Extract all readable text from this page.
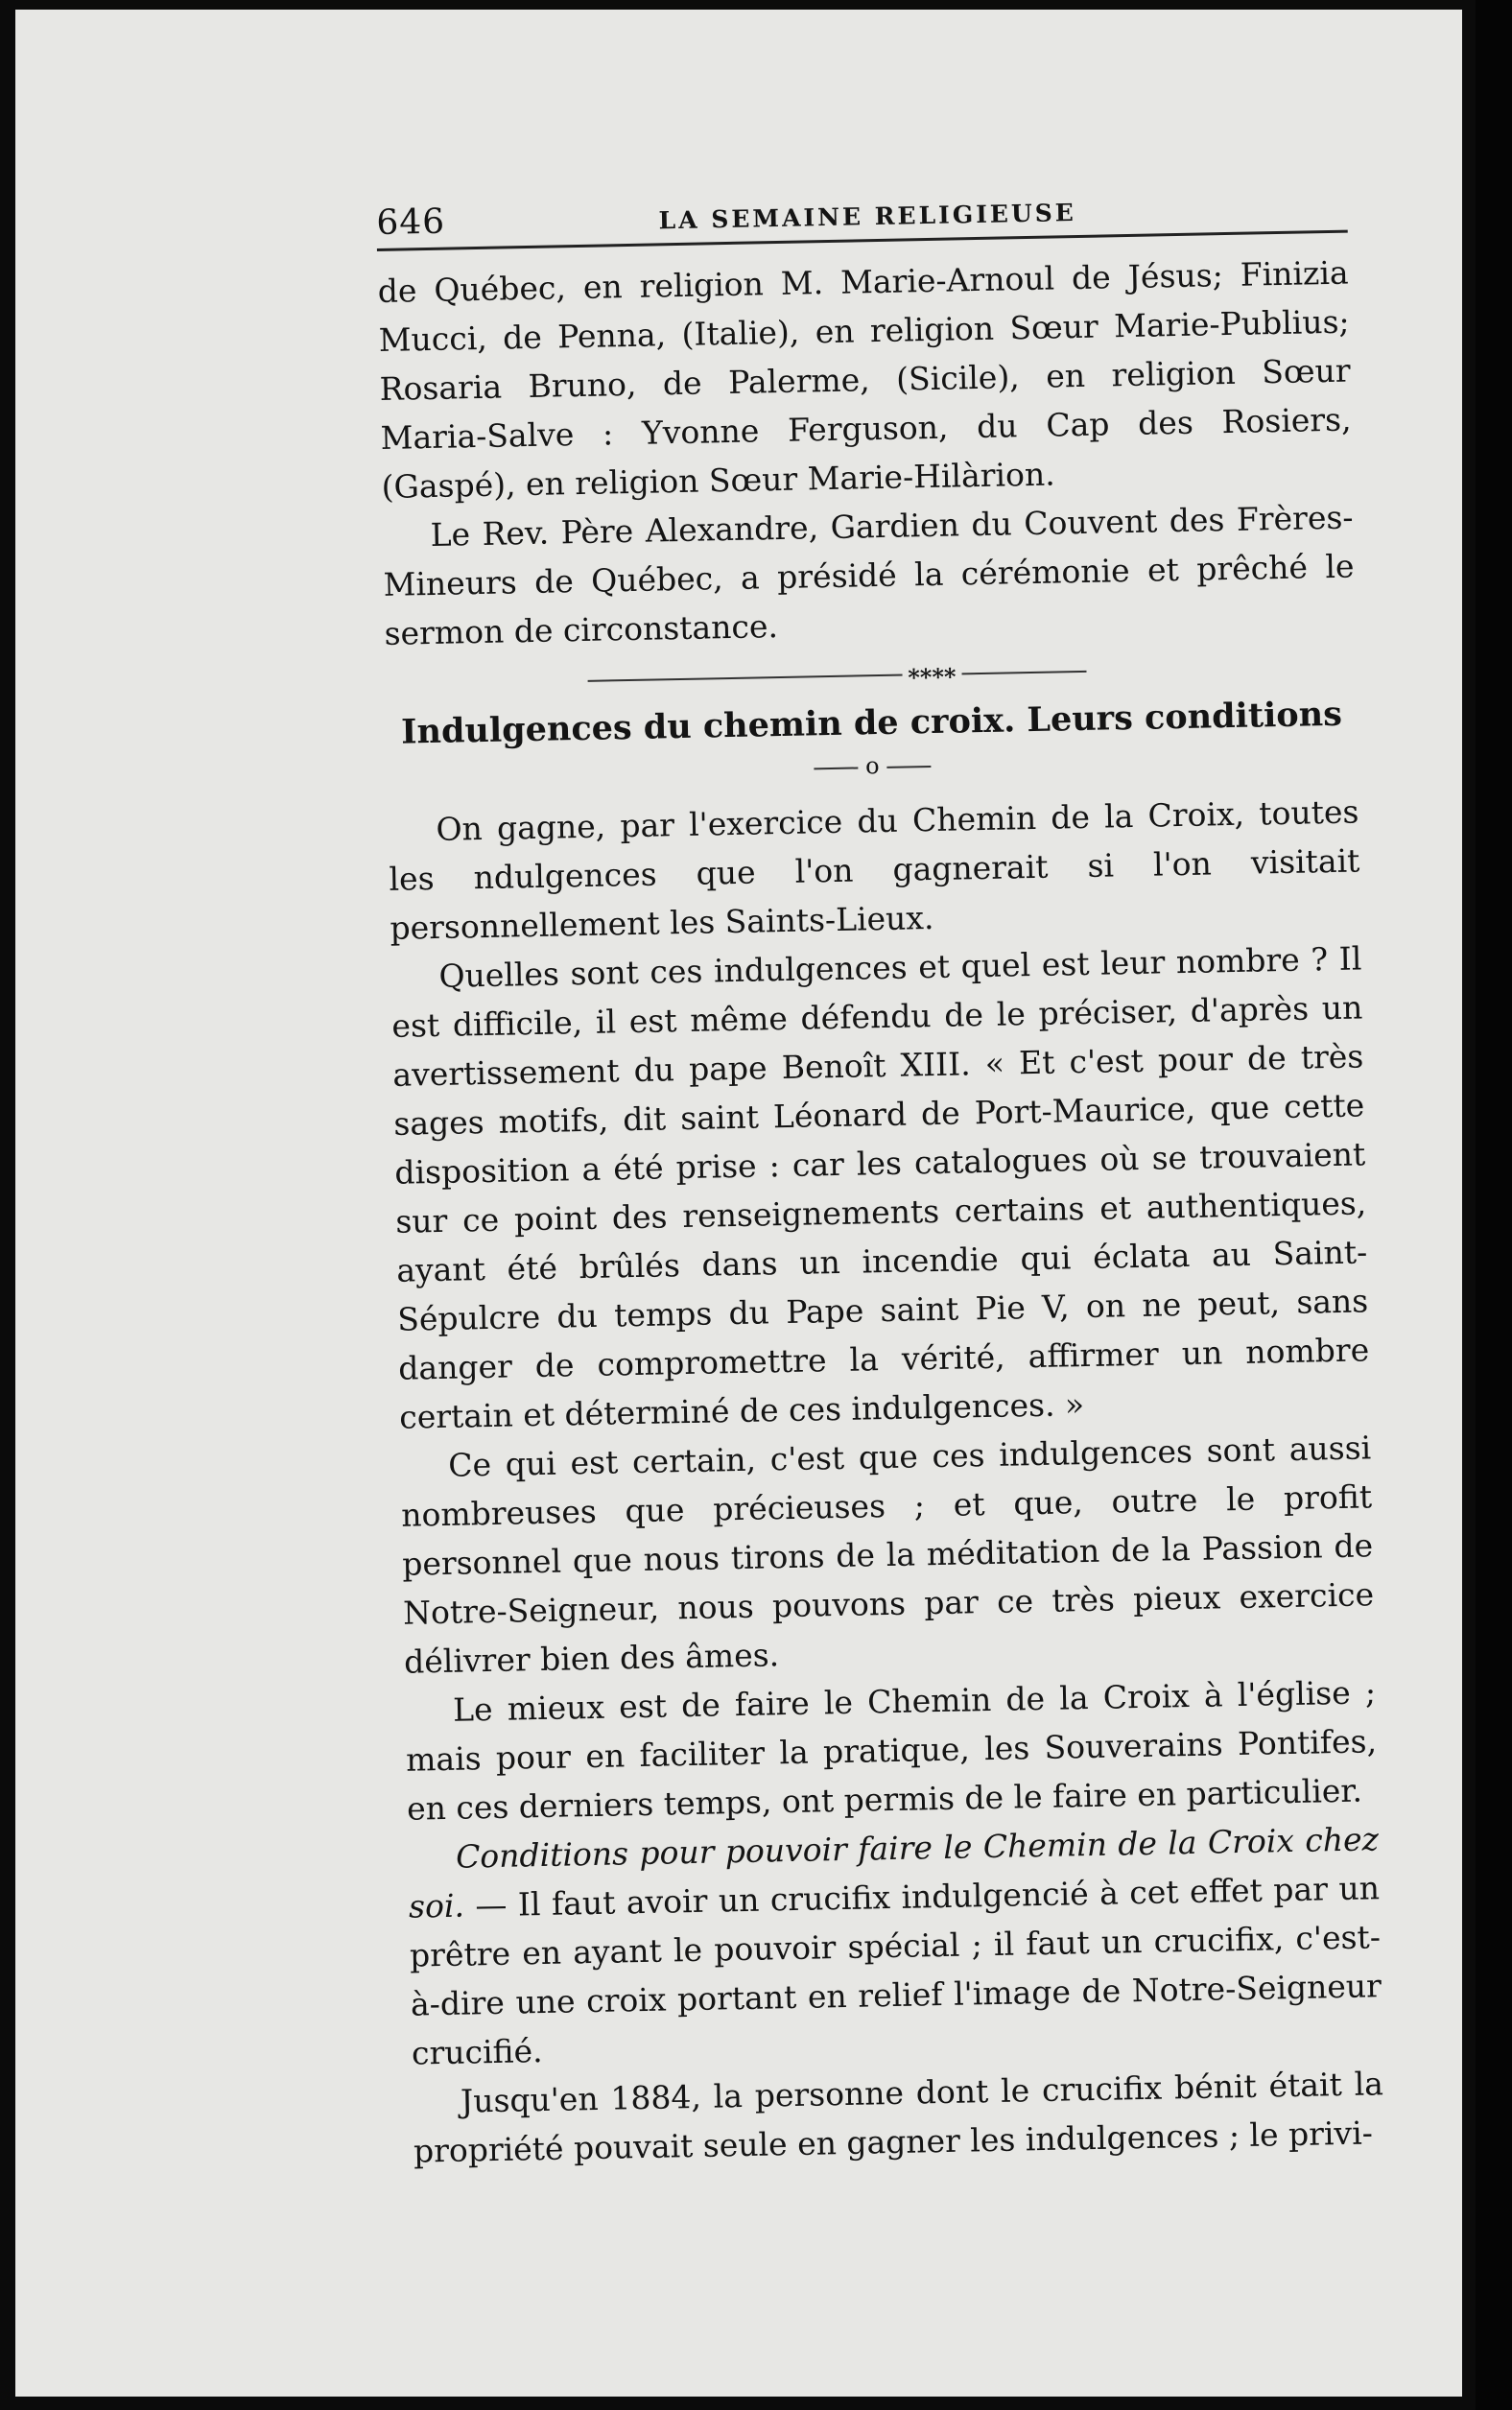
646	LA SEMAINE RELIGIEUSE

de Québec, en religion M. Marie-Arnoul de Jésus; Finizia Mucci, de Penna, (Italie), en religion Sœur Marie-Publius; Rosaria Bruno, de Palerme, (Sicile), en religion Sœur Maria-Salve : Yvonne Ferguson, du Cap des Rosiers, (Gaspé), en religion Sœur Marie-Hilàrion.

Le Rev. Père Alexandre, Gardien du Couvent des Frères-Mineurs de Québec, a présidé la cérémonie et prêché le sermon de circonstance.

****
Indulgences du chemin de croix. Leurs conditions
o

On gagne, par l'exercice du Chemin de la Croix, toutes les ndulgences que l'on gagnerait si l'on visitait personnellement les Saints-Lieux.

Quelles sont ces indulgences et quel est leur nombre ? Il est difficile, il est même défendu de le préciser, d'après un avertissement du pape Benoît XIII. « Et c'est pour de très sages motifs, dit saint Léonard de Port-Maurice, que cette disposition a été prise : car les catalogues où se trouvaient sur ce point des renseignements certains et authentiques, ayant été brûlés dans un incendie qui éclata au Saint-Sépulcre du temps du Pape saint Pie V, on ne peut, sans danger de compromettre la vérité, affirmer un nombre certain et déterminé de ces indulgences. »

Ce qui est certain, c'est que ces indulgences sont aussi nombreuses que précieuses ; et que, outre le profit personnel que nous tirons de la méditation de la Passion de Notre-Seigneur, nous pouvons par ce très pieux exercice délivrer bien des âmes.

Le mieux est de faire le Chemin de la Croix à l'église ; mais pour en faciliter la pratique, les Souverains Pontifes, en ces derniers temps, ont permis de le faire en particulier.

Conditions pour pouvoir faire le Chemin de la Croix chez soi. — Il faut avoir un crucifix indulgencié à cet effet par un prêtre en ayant le pouvoir spécial ; il faut un crucifix, c'est-à-dire une croix portant en relief l'image de Notre-Seigneur crucifié.

Jusqu'en 1884, la personne dont le crucifix bénit était la propriété pouvait seule en gagner les indulgences ; le privi-
